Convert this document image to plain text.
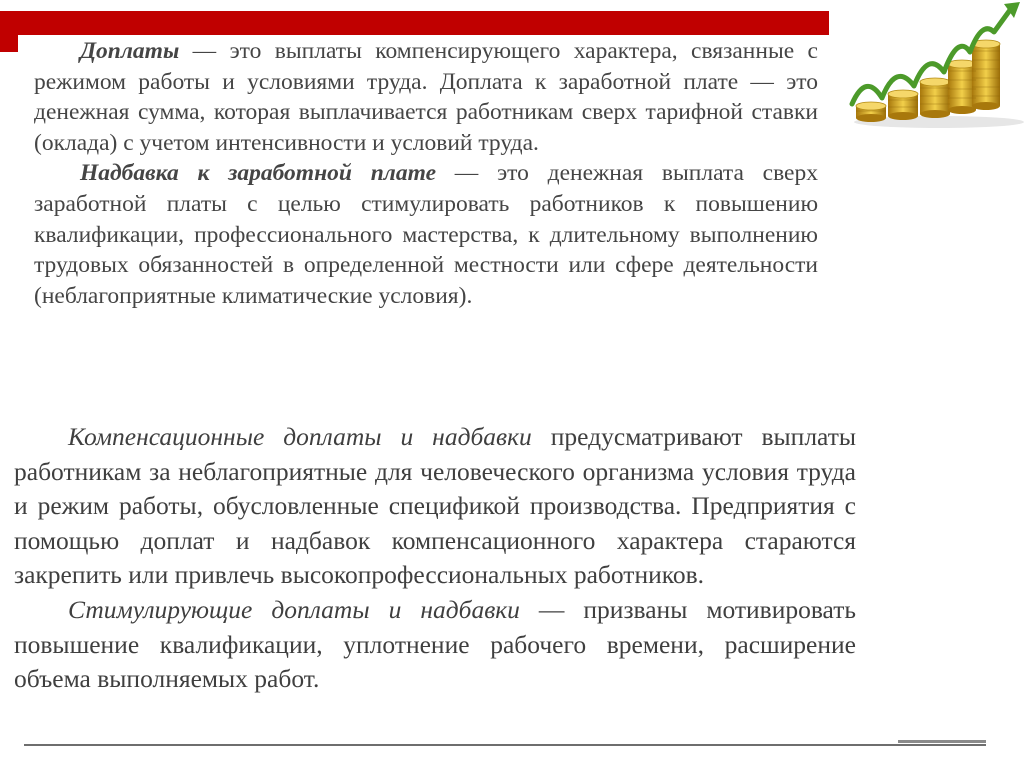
Доплаты — это выплаты компенсирующего характера, связанные с режимом работы и условиями труда. Доплата к заработной плате — это денежная сумма, которая выплачивается работникам сверх тарифной ставки (оклада) с учетом интенсивности и условий труда.

Надбавка к заработной плате — это денежная выплата сверх заработной платы с целью стимулировать работников к повышению квалификации, профессионального мастерства, к длительному выполнению трудовых обязанностей в определенной местности или сфере деятельности (неблагоприятные климатические условия).

Компенсационные доплаты и надбавки предусматривают выплаты работникам за неблагоприятные для человеческого организма условия труда и режим работы, обусловленные спецификой производства. Предприятия с помощью доплат и надбавок компенсационного характера стараются закрепить или привлечь высокопрофессиональных работников.

Стимулирующие доплаты и надбавки — призваны мотивировать повышение квалификации, уплотнение рабочего времени, расширение объема выполняемых работ.
